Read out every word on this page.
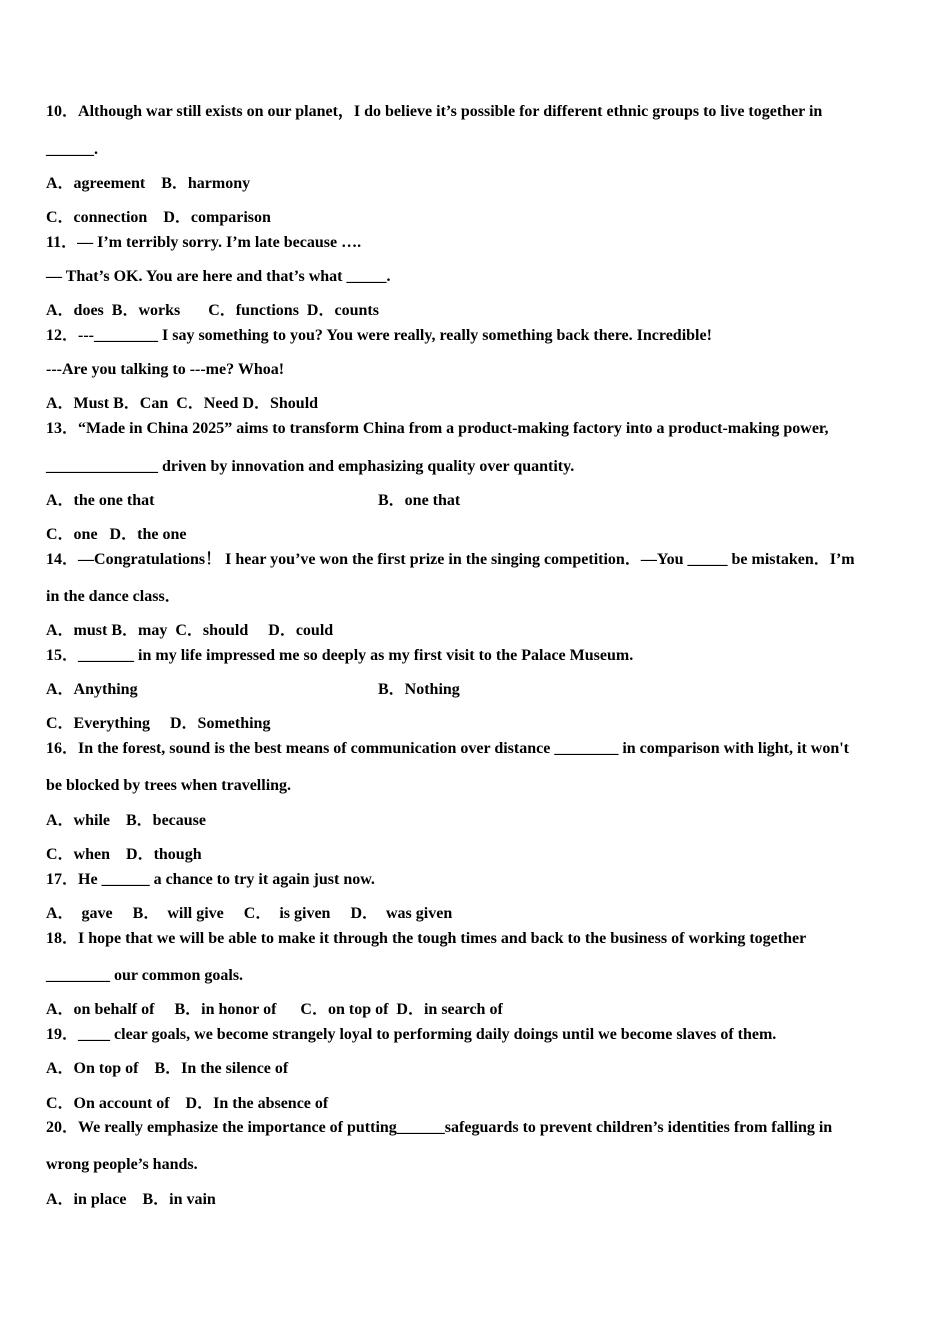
10．Although war still exists on our planet，I do believe it’s possible for different ethnic groups to live together in
______.
A．agreement    B．harmony
C．connection    D．comparison
11．— I’m terribly sorry. I’m late because ….
— That’s OK. You are here and that’s what _____.
A．does  B．works       C．functions  D．counts
12．---________ I say something to you? You were really, really something back there. Incredible!
---Are you talking to ---me? Whoa!
A．Must B．Can  C．Need D．Should
13．“Made in China 2025” aims to transform China from a product-making factory into a product-making power,
______________ driven by innovation and emphasizing quality over quantity.
A．the one that	B．one that
C．one   D．the one
14．—Congratulations！ I hear you’ve won the first prize in the singing competition．—You _____ be mistaken．I’m
in the dance class．
A．must B．may  C．should     D．could
15．_______ in my life impressed me so deeply as my first visit to the Palace Museum.
A．Anything	B．Nothing
C．Everything     D．Something
16．In the forest, sound is the best means of communication over distance ________ in comparison with light, it won't
be blocked by trees when travelling.
A．while    B．because
C．when    D．though
17．He ______ a chance to try it again just now.
A．  gave     B．  will give     C．  is given     D．  was given
18．I hope that we will be able to make it through the tough times and back to the business of working together
________ our common goals.
A．on behalf of     B．in honor of      C．on top of  D．in search of
19．____ clear goals, we become strangely loyal to performing daily doings until we become slaves of them.
A．On top of    B．In the silence of
C．On account of    D．In the absence of
20．We really emphasize the importance of putting______safeguards to prevent children’s identities from falling in
wrong people’s hands.
A．in place    B．in vain
